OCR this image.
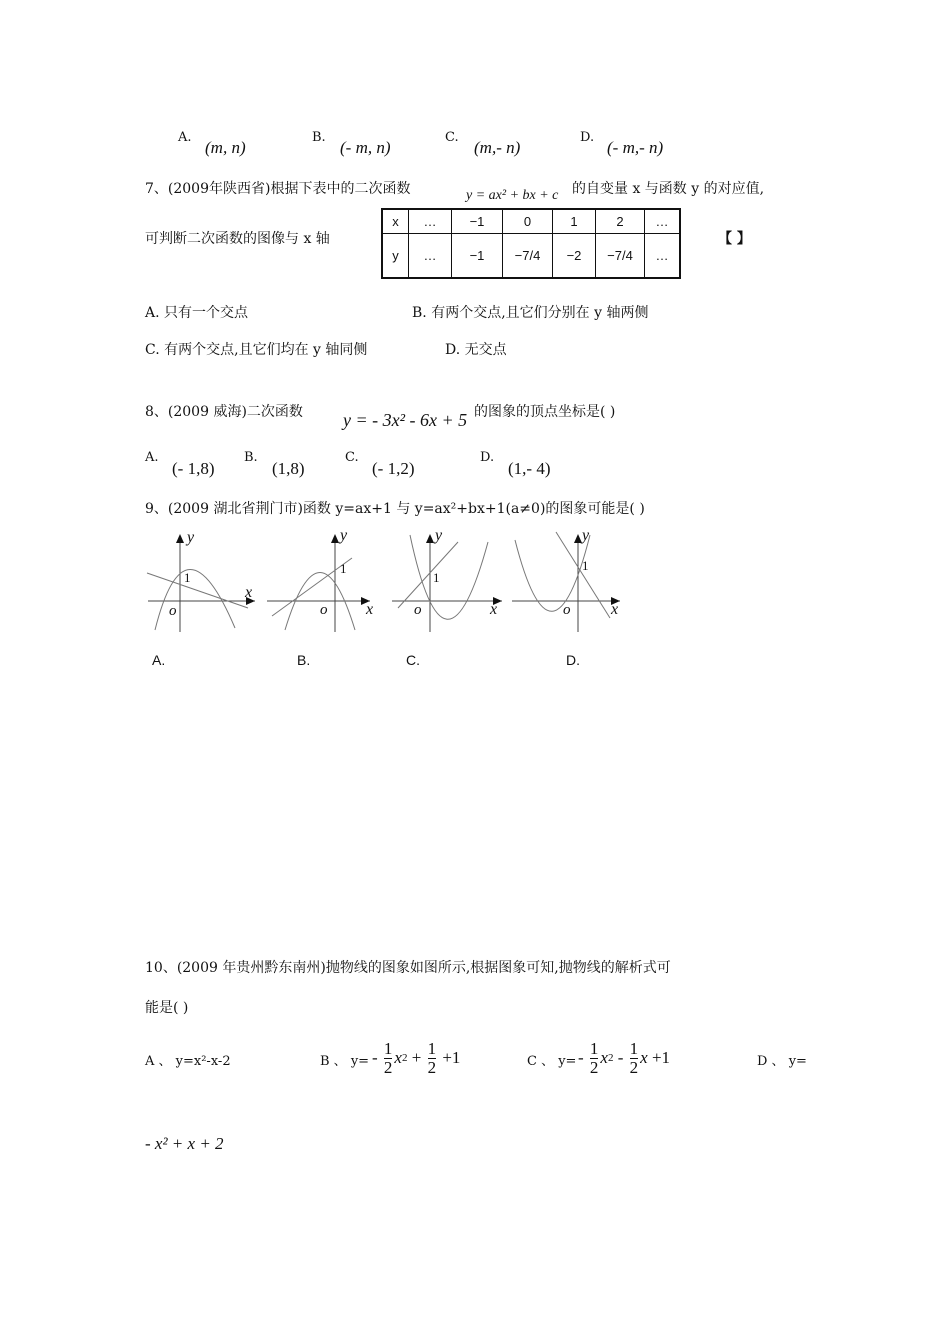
A.
(m, n)
B.
(- m, n)
C.
(m,- n)
D.
(- m,- n)
7、(2009年陕西省)根据下表中的二次函数	y = ax² + bx + c 的自变量 x 与函数 y 的对应值,
可判断二次函数的图像与 x 轴
x	…	−1	0	1	2	…
y	…	−1	−7/4	−2	−7/4	…
【 】
A. 只有一个交点	B. 有两个交点,且它们分别在 y 轴两侧
C. 有两个交点,且它们均在 y 轴同侧	D. 无交点
8、(2009 威海)二次函数 y = - 3x² - 6x + 5 的图象的顶点坐标是( )
A.
(- 1,8)
B.
(1,8)
C.
(- 1,2)
D.
(1,- 4)
9、(2009 湖北省荆门市)函数 y=ax+1 与 y=ax²+bx+1(a≠0)的图象可能是( )
y
x
o
1
y
x
o
1
y
x
o
1
y
x
o
1
A.	B.	C.	D.
10、(2009 年贵州黔东南州)抛物线的图象如图所示,根据图象可知,抛物线的解析式可
能是( )
A 、 y=x²-x-2	B 、 $y= - \frac{1}{2}$ x $2 + \frac{1}{2} +1$	C 、 $y= - \frac{1}{2}$ x $2 - \frac{1}{2}$ x +1	D 、 y=
- x² + x + 2
